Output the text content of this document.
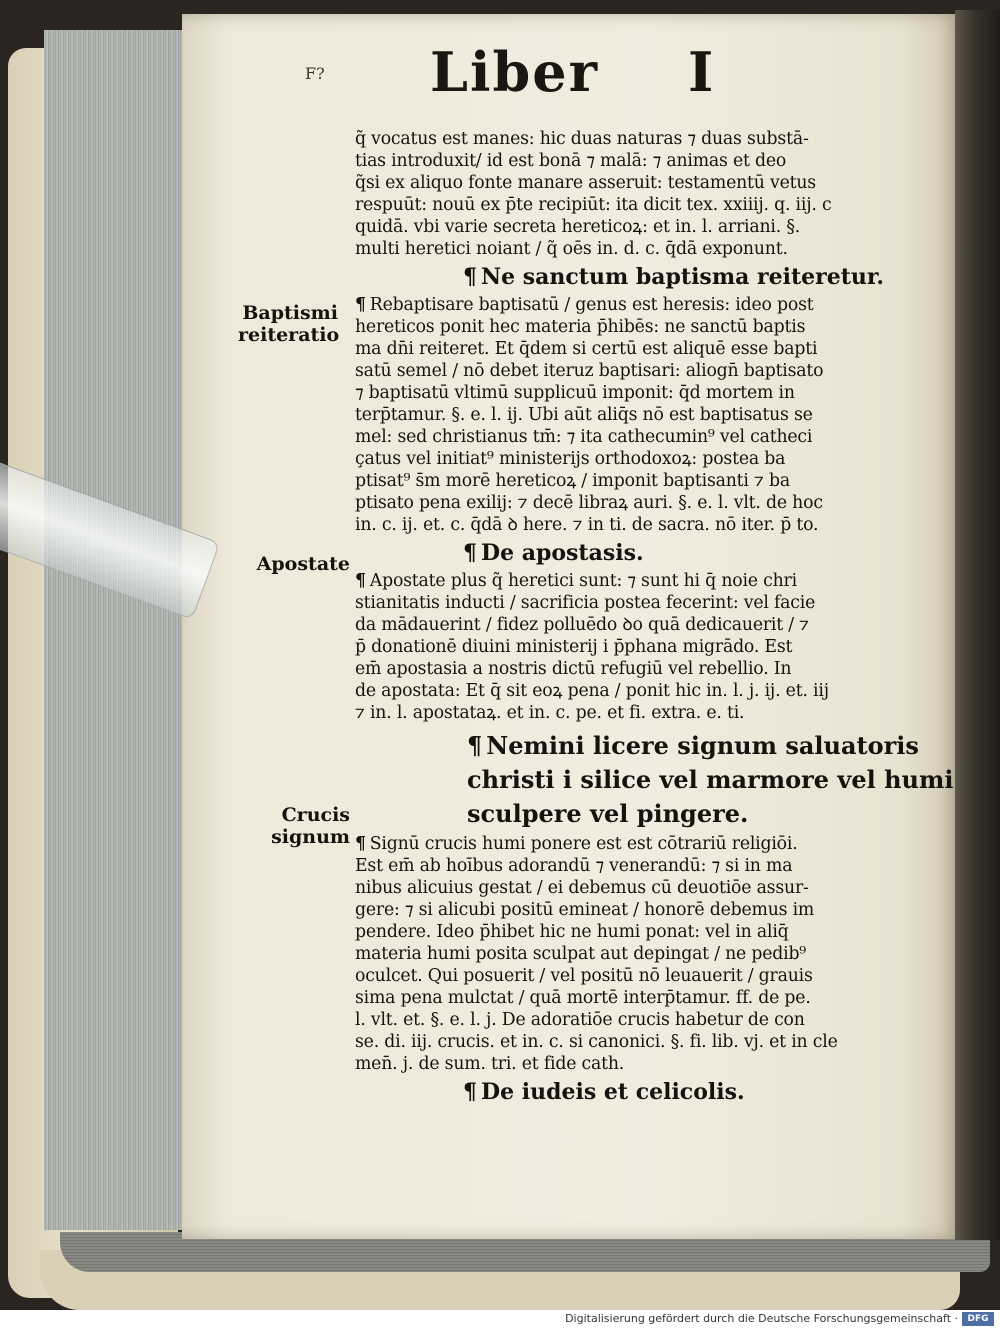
Liber I
F?
Baptismi
reiteratio
Apostate
Crucis
signum
q̃ vocatus est manes: hic duas naturas ⁊ duas substā-
tias introduxit/ id est bonā ⁊ malā: ⁊ animas et deo
q̃si ex aliquo fonte manare asseruit: testamentū vetus
respuūt: nouū ex p̄te recipiūt: ita dicit tex. xxiiij. q. iij. c
quidā. vbi varie secreta hereticoꝝ: et in. l. arriani. §.
multi heretici noiant / q̃ oēs in. d. c. q̄dā exponunt.
¶ Ne sanctum baptisma reiteretur.
¶ Rebaptisare baptisatū / genus est heresis: ideo post
hereticos ponit hec materia p̄hibēs: ne sanctū baptis
ma dn̄i reiteret. Et q̄dem si certū est aliquē esse bapti
satū semel / nō debet iteruz baptisari: aliogn̄ baptisato
⁊ baptisatū vltimū supplicuū imponit: q̄d mortem in
terp̄tamur. §. e. l. ij. Ubi aūt aliq̄s nō est baptisatus se
mel: sed christianus tm̄: ⁊ ita cathecumin⁹ vel catheci
çatus vel initiat⁹ ministerijs orthodoxoꝝ: postea ba
ptisat⁹ s̄m morē hereticoꝝ / imponit baptisanti ⁊ ba
ptisato pena exilij: ⁊ decē libraꝝ auri. §. e. l. vlt. de hoc
in. c. ij. et. c. q̄dā ꝺ here. ⁊ in ti. de sacra. nō iter. p̄ to.
¶ De apostasis.
¶ Apostate plus q̃ heretici sunt: ⁊ sunt hi q̄ noie chri
stianitatis inducti / sacrificia postea fecerint: vel facie
da mādauerint / fidez polluēdo ꝺo quā dedicauerit / ⁊
p̄ donationē diuini ministerij i p̄phana migrādo. Est
em̄ apostasia a nostris dictū refugiū vel rebellio. In
de apostata: Et q̄ sit eoꝝ pena / ponit hic in. l. j. ij. et. iij
⁊ in. l. apostataꝝ. et in. c. pe. et fi. extra. e. ti.
¶ Nemini licere signum saluatoris
christi i silice vel marmore vel humi
sculpere vel pingere.
¶ Signū crucis humi ponere est est cōtrariū religiōi.
Est em̄ ab hoībus adorandū ⁊ venerandū: ⁊ si in ma
nibus alicuius gestat / ei debemus cū deuotiōe assur-
gere: ⁊ si alicubi positū emineat / honorē debemus im
pendere. Ideo p̄hibet hic ne humi ponat: vel in aliq̄
materia humi posita sculpat aut depingat / ne pedib⁹
oculcet. Qui posuerit / vel positū nō leuauerit / grauis
sima pena mulctat / quā mortē interp̄tamur. ff. de pe.
l. vlt. et. §. e. l. j. De adoratiōe crucis habetur de con
se. di. iij. crucis. et in. c. si canonici. §. fi. lib. vj. et in cle
men̄. j. de sum. tri. et fide cath.
¶ De iudeis et celicolis.
Digitalisierung gefördert durch die Deutsche Forschungsgemeinschaft ·	DFG
